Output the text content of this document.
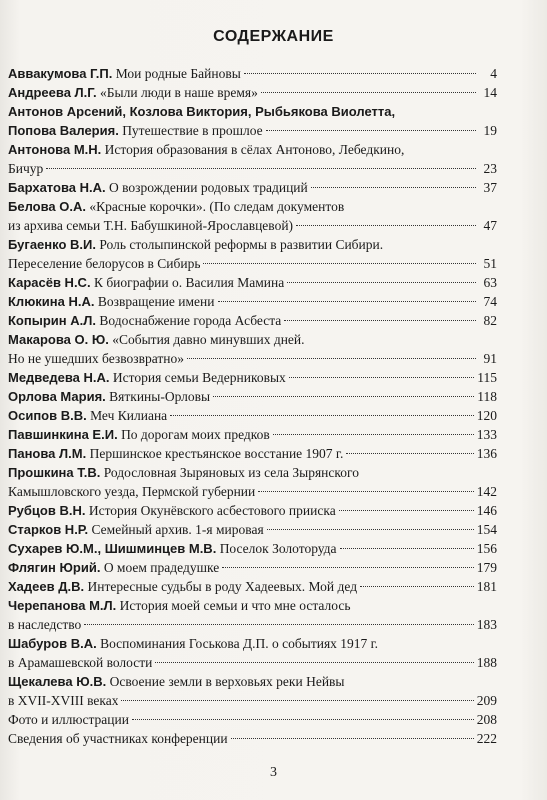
СОДЕРЖАНИЕ
Аввакумова Г.П. Мои родные Байновы	4
Андреева Л.Г. «Были люди в наше время»	14
Антонов Арсений, Козлова Виктория, Рыбьякова Виолетта,
Попова Валерия. Путешествие в прошлое	19
Антонова М.Н. История образования в сёлах Антоново, Лебедкино,
Бичур	23
Бархатова Н.А. О возрождении родовых традиций	37
Белова О.А. «Красные корочки». (По следам документов
из архива семьи Т.Н. Бабушкиной-Ярославцевой)	47
Бугаенко В.И. Роль столыпинской реформы в развитии Сибири.
Переселение белорусов в Сибирь	51
Карасёв Н.С. К биографии о. Василия Мамина	63
Клюкина Н.А. Возвращение имени	74
Копырин А.Л. Водоснабжение города Асбеста	82
Макарова О. Ю. «События давно минувших дней.
Но не ушедших безвозвратно»	91
Медведева Н.А. История семьи Ведерниковых	115
Орлова Мария. Вяткины-Орловы	118
Осипов В.В. Меч Килиана	120
Павшинкина Е.И. По дорогам моих предков	133
Панова Л.М. Першинское крестьянское восстание 1907 г.	136
Прошкина Т.В. Родословная Зыряновых из села Зырянского
Камышловского уезда, Пермской губернии	142
Рубцов В.Н. История Окунёвского асбестового прииска	146
Старков Н.Р. Семейный архив. 1-я мировая	154
Сухарев Ю.М., Шишминцев М.В. Поселок Золоторуда	156
Флягин Юрий. О моем прадедушке	179
Хадеев Д.В. Интересные судьбы в роду Хадеевых. Мой дед	181
Черепанова М.Л. История моей семьи и что мне осталось
в наследство	183
Шабуров В.А. Воспоминания Госькова Д.П. о событиях 1917 г.
в Арамашевской волости	188
Щекалева Ю.В. Освоение земли в верховьях реки Нейвы
в XVII-XVIII веках	209
Фото и иллюстрации	208
Сведения об участниках конференции	222
3
